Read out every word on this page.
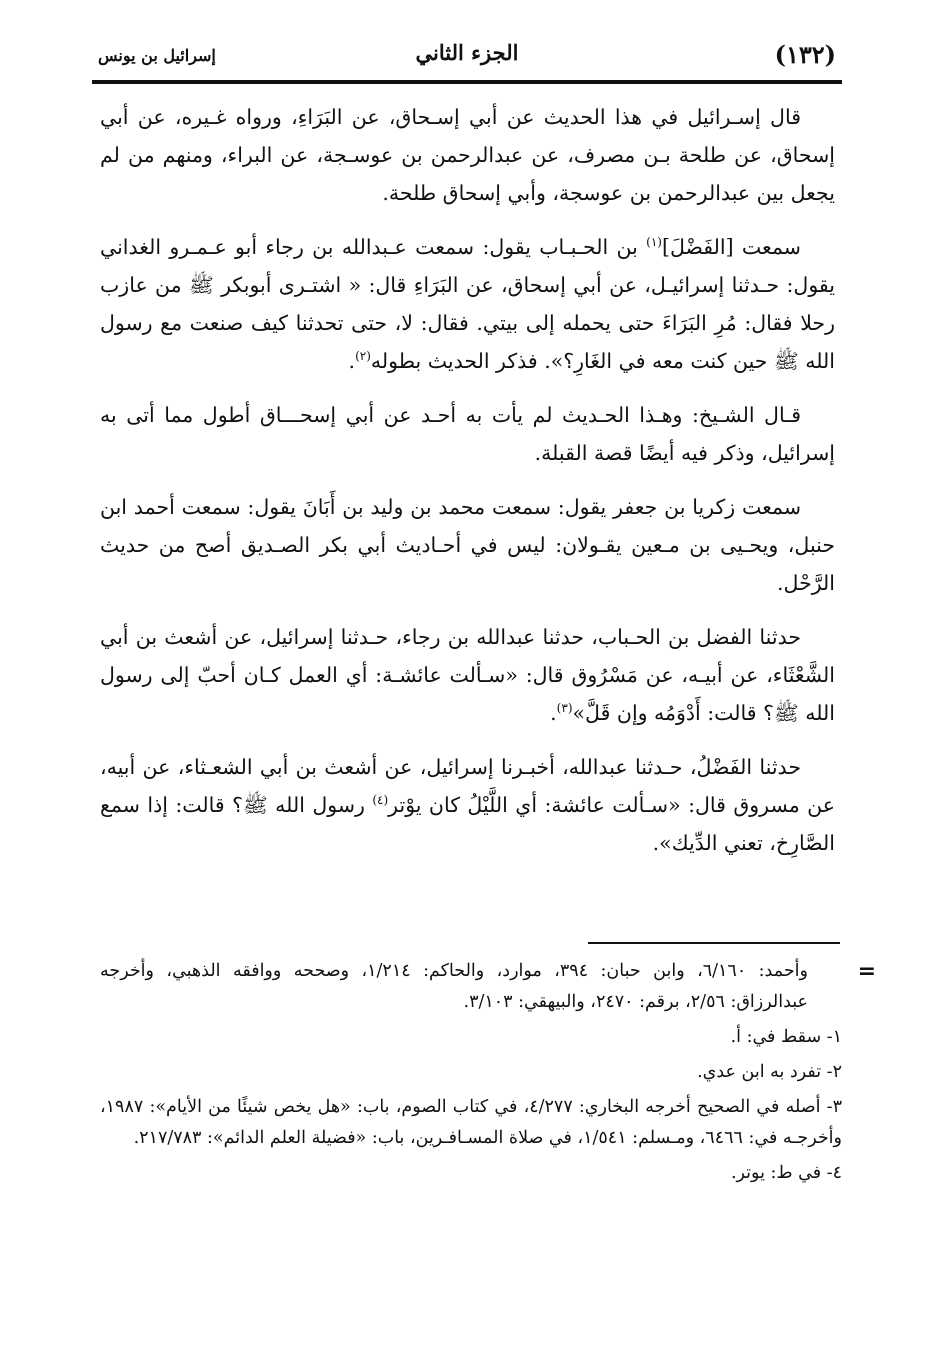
(١٣٢)
الجزء الثاني
إسرائيل بن يونس

قال إسـرائيل في هذا الحديث عن أبي إسـحاق، عن البَرَاءِ، ورواه غـيره، عن أبي إسحاق، عن طلحة بـن مصرف، عن عبدالرحمن بن عوسـجة، عن البراء، ومنهم من لم يجعل بين عبدالرحمن بن عوسجة، وأبي إسحاق طلحة.

سمعت [الفَضْلَ]$^{(١)}$ بن الحـبـاب يقول: سمعت عـبدالله بن رجاء أبو عـمـرو الغداني يقول: حـدثنا إسرائيـل، عن أبي إسحاق، عن البَرَاءِ قال: « اشتـرى أبوبكر ﷺ من عازب رحلا فقال: مُرِ البَرَاءَ حتى يحمله إلى بيتي. فقال: لا، حتى تحدثنا كيف صنعت مع رسول الله ﷺ حين كنت معه في الغَارِ؟». فذكر الحديث بطوله$^{(٢)}$.

قـال الشـيخ: وهـذا الحـديث لم يأت به أحـد عن أبي إسحـــاق أطول مما أتى به إسرائيل، وذكر فيه أيضًا قصة القبلة.

سمعت زكريا بن جعفر يقول: سمعت محمد بن وليد بن أَبَانَ يقول: سمعت أحمد ابن حنبل، ويحـيى بن مـعين يقـولان: ليس في أحـاديث أبي بكر الصـديق أصح من حديث الرَّحْل.

حدثنا الفضل بن الحـباب، حدثنا عبدالله بن رجاء، حـدثنا إسرائيل، عن أشعث بن أبي الشَّعْثَاء، عن أبيـه، عن مَسْرُوق قال: «سـألت عائشـة: أي العمل كـان أحبّ إلى رسول الله ﷺ؟ قالت: أَدْوَمُه وإن قَلَّ»$^{(٣)}$.

حدثنا الفَضْلُ، حـدثنا عبدالله، أخبـرنا إسرائيل، عن أشعث بن أبي الشعـثاء، عن أبيه، عن مسروق قال: «سـألت عائشة: أي اللَّيْلُ كان يوْتر$^{(٤)}$ رسول الله ﷺ؟ قالت: إذا سمع الصَّارِخ، تعني الدِّيك».

=
وأحمد: ٦/١٦٠، وابن حبان: ٣٩٤، موارد، والحاكم: ١/٢١٤، وصححه ووافقه الذهبي، وأخرجه عبدالرزاق: ٢/٥٦، برقم: ٢٤٧٠، والبيهقي: ٣/١٠٣.
١- سقط في: أ.
٢- تفرد به ابن عدي.
٣- أصله في الصحيح أخرجه البخاري: ٤/٢٧٧، في كتاب الصوم، باب: «هل يخص شيئًا من الأيام»: ١٩٨٧، وأخرجـه في: ٦٤٦٦، ومـسلم: ١/٥٤١، في صلاة المسـافـرين، باب: «فضيلة العلم الدائم»: ٢١٧/٧٨٣.
٤- في ط: يوتر.
